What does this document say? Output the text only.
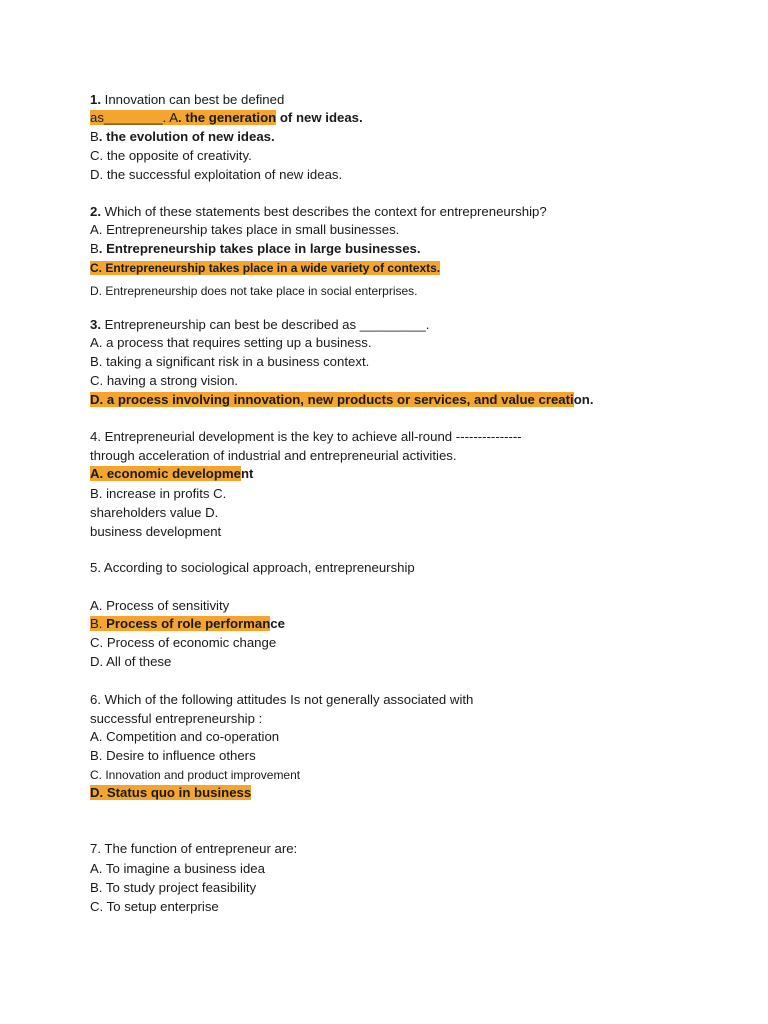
1. Innovation can best be defined
as________. A. the generation of new ideas.
B. the evolution of new ideas.
C. the opposite of creativity.
D. the successful exploitation of new ideas.
2. Which of these statements best describes the context for entrepreneurship?
A. Entrepreneurship takes place in small businesses.
B. Entrepreneurship takes place in large businesses.
C. Entrepreneurship takes place in a wide variety of contexts.
D. Entrepreneurship does not take place in social enterprises.
3. Entrepreneurship can best be described as _________.
A. a process that requires setting up a business.
B. taking a significant risk in a business context.
C. having a strong vision.
D. a process involving innovation, new products or services, and value creation.
4. Entrepreneurial development is the key to achieve all-round ---------------
through acceleration of industrial and entrepreneurial activities.
A. economic development
B. increase in profits C.
shareholders value D.
business development
5. According to sociological approach, entrepreneurship
A. Process of sensitivity
B. Process of role performance
C. Process of economic change
D. All of these
6. Which of the following attitudes Is not generally associated with
successful entrepreneurship :
A. Competition and co-operation
B. Desire to influence others
C. Innovation and product improvement
D. Status quo in business
7. The function of entrepreneur are:
A. To imagine a business idea
B. To study project feasibility
C. To setup enterprise
